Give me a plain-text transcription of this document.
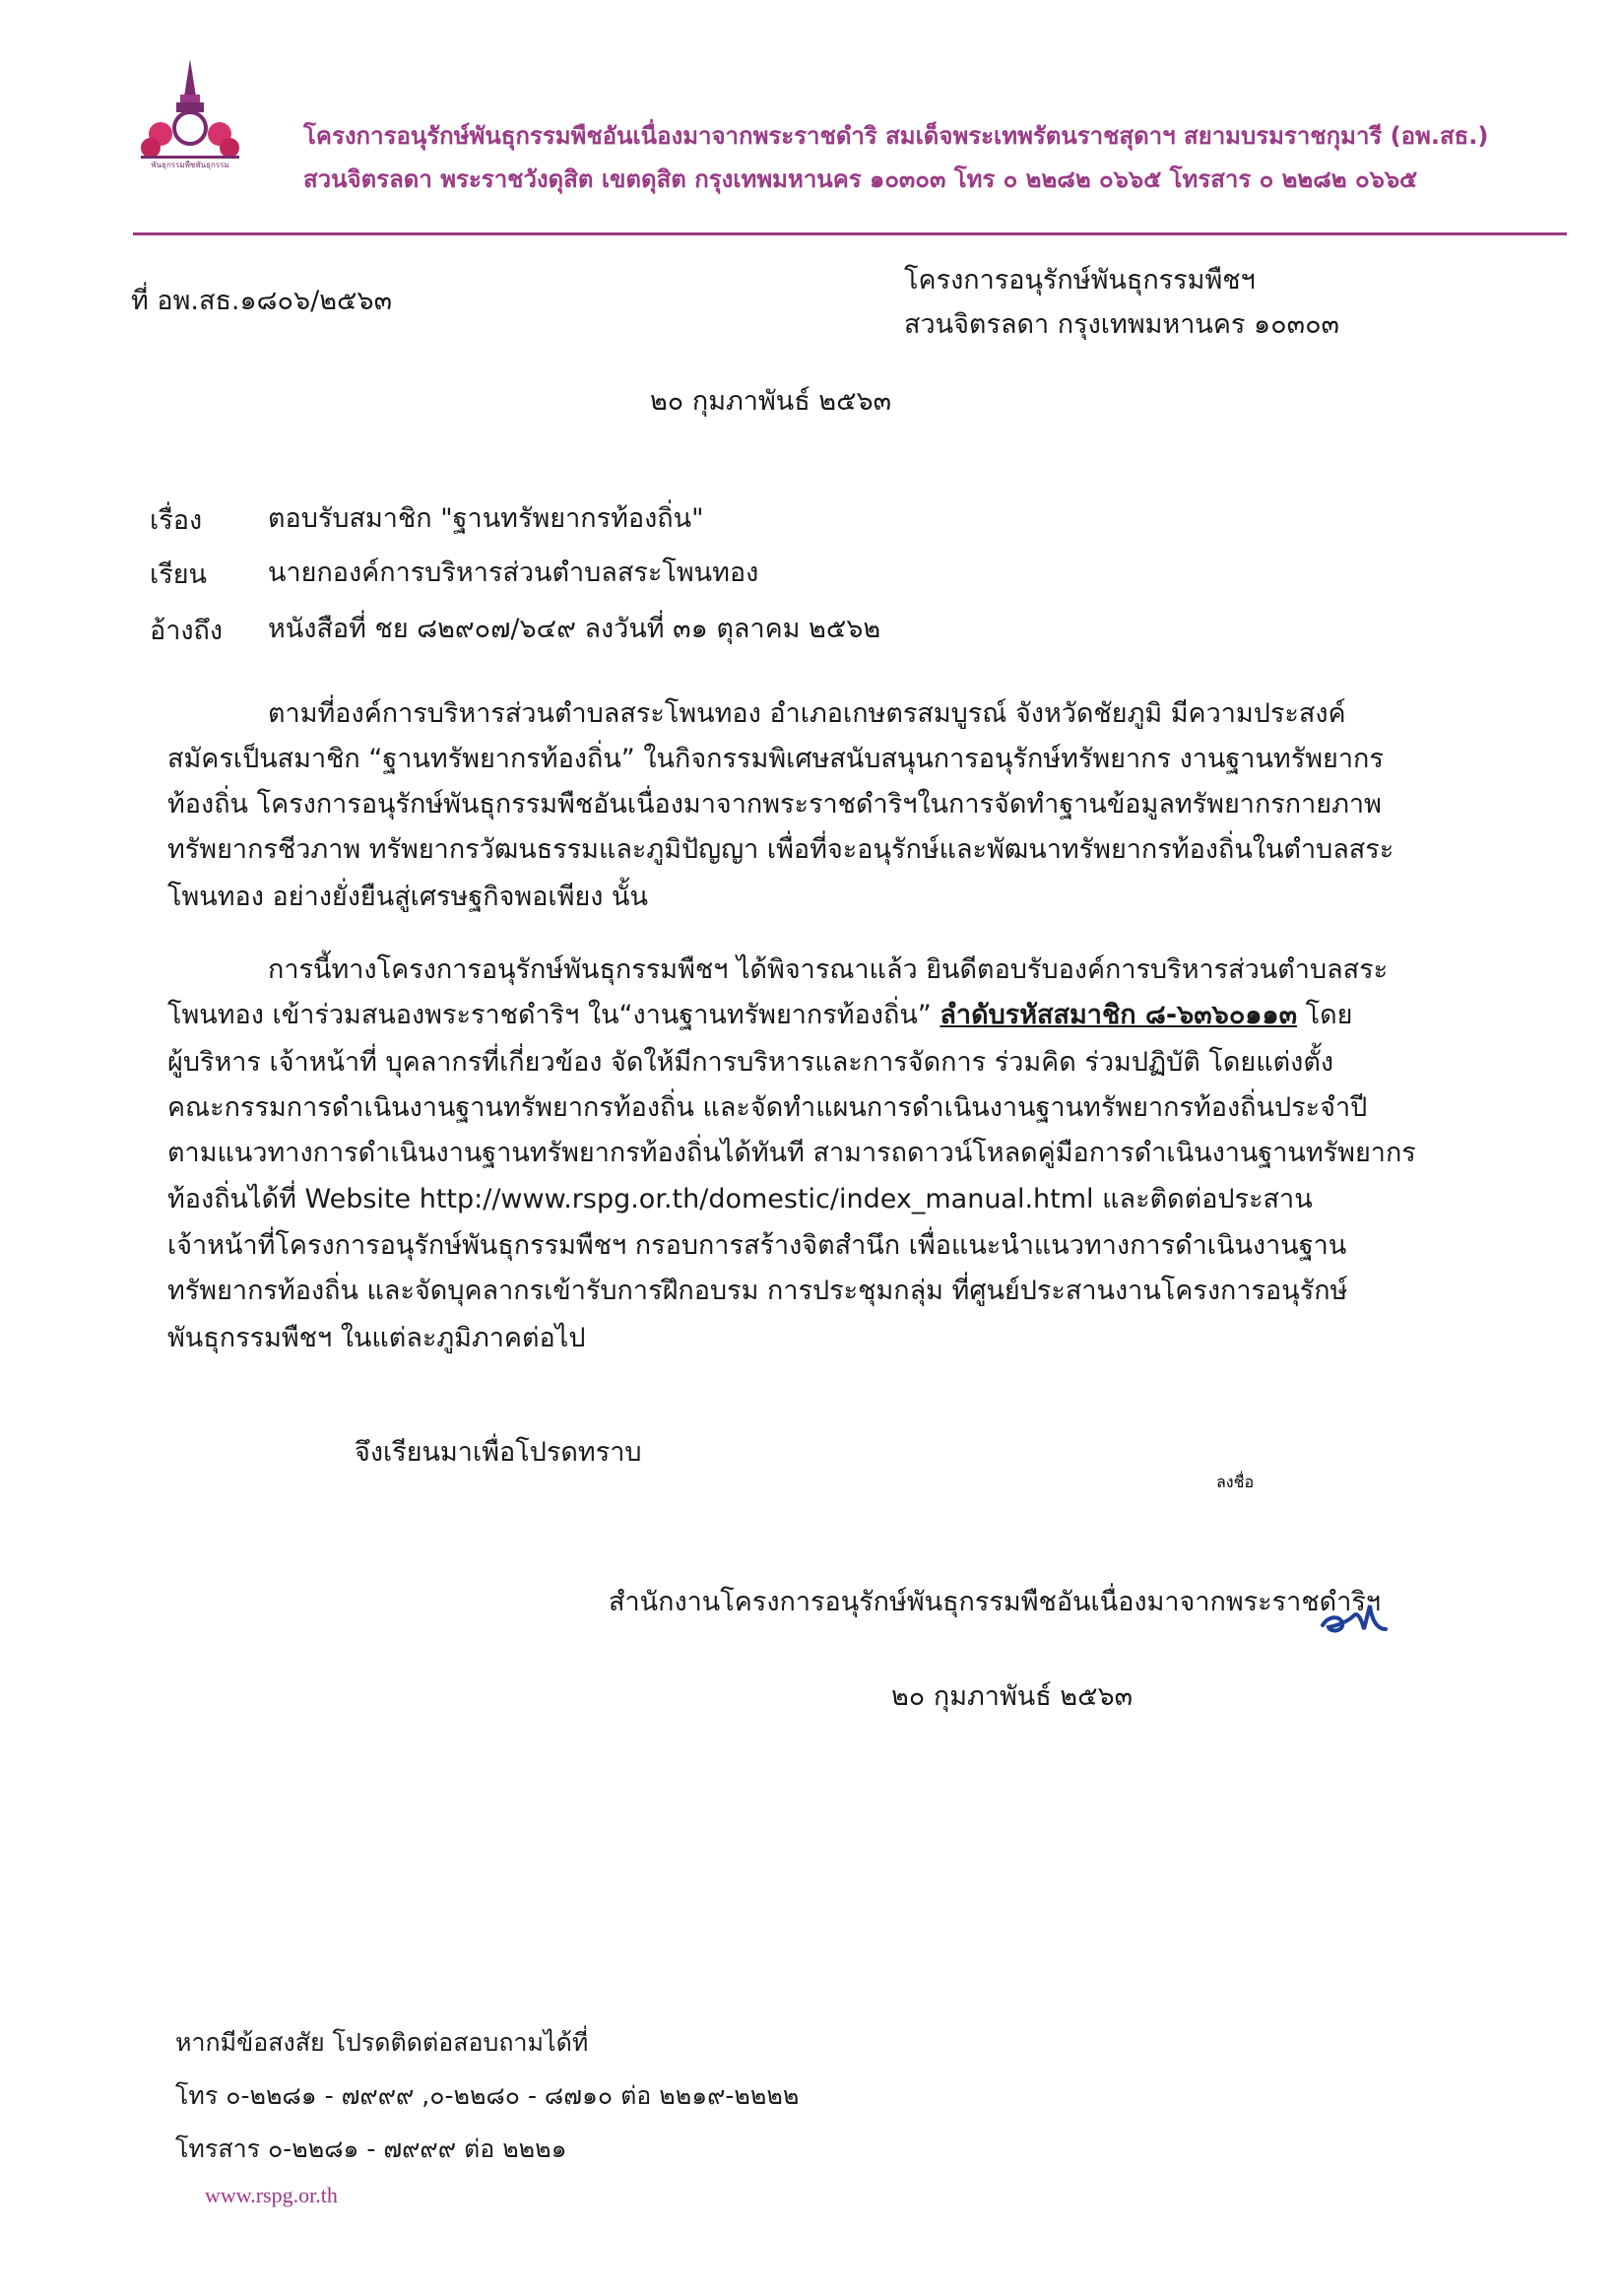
พันธุกรรมพืชพันธุกรรม
โครงการอนุรักษ์พันธุกรรมพืชอันเนื่องมาจากพระราชดำริ สมเด็จพระเทพรัตนราชสุดาฯ สยามบรมราชกุมารี (อพ.สธ.)
สวนจิตรลดา พระราชวังดุสิต เขตดุสิต กรุงเทพมหานคร ๑๐๓๐๓ โทร ๐ ๒๒๘๒ ๐๖๖๕ โทรสาร ๐ ๒๒๘๒ ๐๖๖๕
ที่ อพ.สธ.๑๘๐๖/๒๕๖๓
โครงการอนุรักษ์พันธุกรรมพืชฯ
สวนจิตรลดา กรุงเทพมหานคร ๑๐๓๐๓
๒๐ กุมภาพันธ์ ๒๕๖๓
เรื่อง ตอบรับสมาชิก "ฐานทรัพยากรท้องถิ่น"
เรียน นายกองค์การบริหารส่วนตำบลสระโพนทอง
อ้างถึง หนังสือที่ ชย ๘๒๙๐๗/๖๔๙ ลงวันที่ ๓๑ ตุลาคม ๒๕๖๒
ตามที่องค์การบริหารส่วนตำบลสระโพนทอง อำเภอเกษตรสมบูรณ์ จังหวัดชัยภูมิ มีความประสงค์
สมัครเป็นสมาชิก “ฐานทรัพยากรท้องถิ่น” ในกิจกรรมพิเศษสนับสนุนการอนุรักษ์ทรัพยากร งานฐานทรัพยากร
ท้องถิ่น โครงการอนุรักษ์พันธุกรรมพืชอันเนื่องมาจากพระราชดำริฯในการจัดทำฐานข้อมูลทรัพยากรกายภาพ
ทรัพยากรชีวภาพ ทรัพยากรวัฒนธรรมและภูมิปัญญา เพื่อที่จะอนุรักษ์และพัฒนาทรัพยากรท้องถิ่นในตำบลสระ
โพนทอง อย่างยั่งยืนสู่เศรษฐกิจพอเพียง นั้น
การนี้ทางโครงการอนุรักษ์พันธุกรรมพืชฯ ได้พิจารณาแล้ว ยินดีตอบรับองค์การบริหารส่วนตำบลสระ
โพนทอง เข้าร่วมสนองพระราชดำริฯ ใน“งานฐานทรัพยากรท้องถิ่น” ลำดับรหัสสมาชิก ๘-๖๓๖๐๑๑๓ โดย
ผู้บริหาร เจ้าหน้าที่ บุคลากรที่เกี่ยวข้อง จัดให้มีการบริหารและการจัดการ ร่วมคิด ร่วมปฏิบัติ โดยแต่งตั้ง
คณะกรรมการดำเนินงานฐานทรัพยากรท้องถิ่น และจัดทำแผนการดำเนินงานฐานทรัพยากรท้องถิ่นประจำปี
ตามแนวทางการดำเนินงานฐานทรัพยากรท้องถิ่นได้ทันที สามารถดาวน์โหลดคู่มือการดำเนินงานฐานทรัพยากร
ท้องถิ่นได้ที่ Website http://www.rspg.or.th/domestic/index_manual.html และติดต่อประสาน
เจ้าหน้าที่โครงการอนุรักษ์พันธุกรรมพืชฯ กรอบการสร้างจิตสำนึก เพื่อแนะนำแนวทางการดำเนินงานฐาน
ทรัพยากรท้องถิ่น และจัดบุคลากรเข้ารับการฝึกอบรม การประชุมกลุ่ม ที่ศูนย์ประสานงานโครงการอนุรักษ์
พันธุกรรมพืชฯ ในแต่ละภูมิภาคต่อไป
จึงเรียนมาเพื่อโปรดทราบ
สำนักงานโครงการอนุรักษ์พันธุกรรมพืชอันเนื่องมาจากพระราชดำริฯ
ลงชื่อ
๒๐ กุมภาพันธ์ ๒๕๖๓
หากมีข้อสงสัย โปรดติดต่อสอบถามได้ที่
โทร ๐-๒๒๘๑ - ๗๙๙๙ ,๐-๒๒๘๐ - ๘๗๑๐ ต่อ ๒๒๑๙-๒๒๒๒
โทรสาร ๐-๒๒๘๑ - ๗๙๙๙ ต่อ ๒๒๒๑
www.rspg.or.th
